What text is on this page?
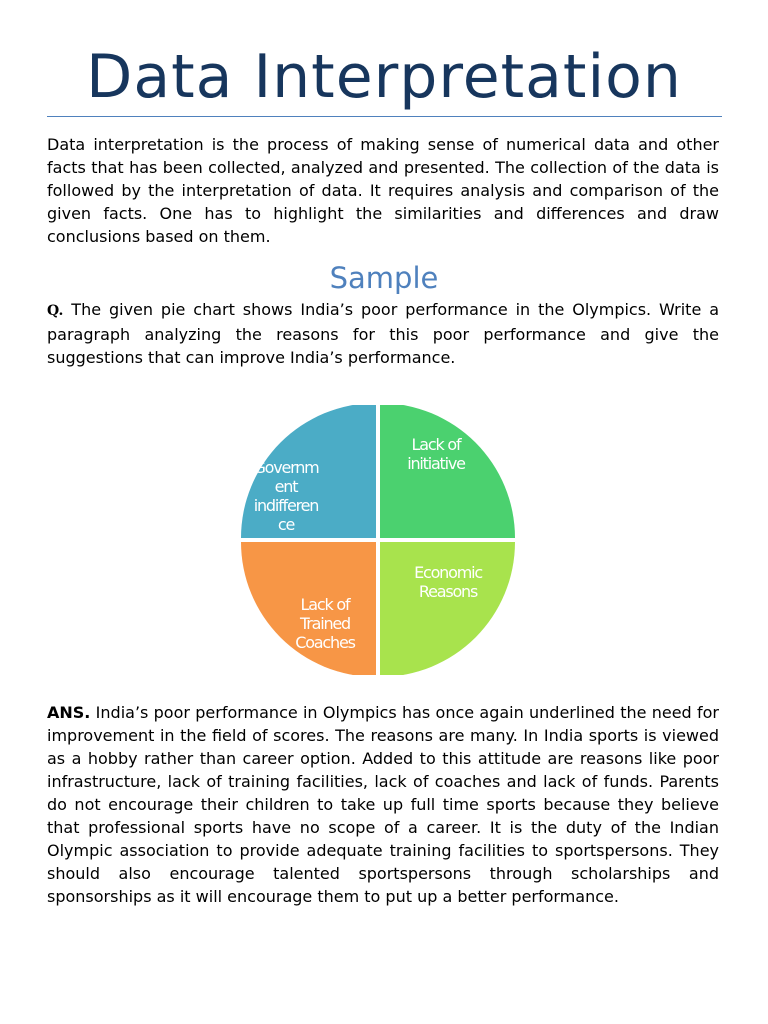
Data Interpretation

Data interpretation is the process of making sense of numerical data and other facts that has been collected, analyzed and presented. The collection of the data is followed by the interpretation of data. It requires analysis and comparison of the given facts. One has to highlight the similarities and differences and draw conclusions based on them.

Sample

Q. The given pie chart shows India’s poor performance in the Olympics. Write a paragraph analyzing the reasons for this poor performance and give the suggestions that can improve India’s performance.

Governm ent indifferen ce
Lack of initiative
Economic Reasons
Lack of Trained Coaches

ANS. India’s poor performance in Olympics has once again underlined the need for improvement in the field of scores. The reasons are many. In India sports is viewed as a hobby rather than career option. Added to this attitude are reasons like poor infrastructure, lack of training facilities, lack of coaches and lack of funds. Parents do not encourage their children to take up full time sports because they believe that professional sports have no scope of a career. It is the duty of the Indian Olympic association to provide adequate training facilities to sportspersons. They should also encourage talented sportspersons through scholarships and sponsorships as it will encourage them to put up a better performance.
